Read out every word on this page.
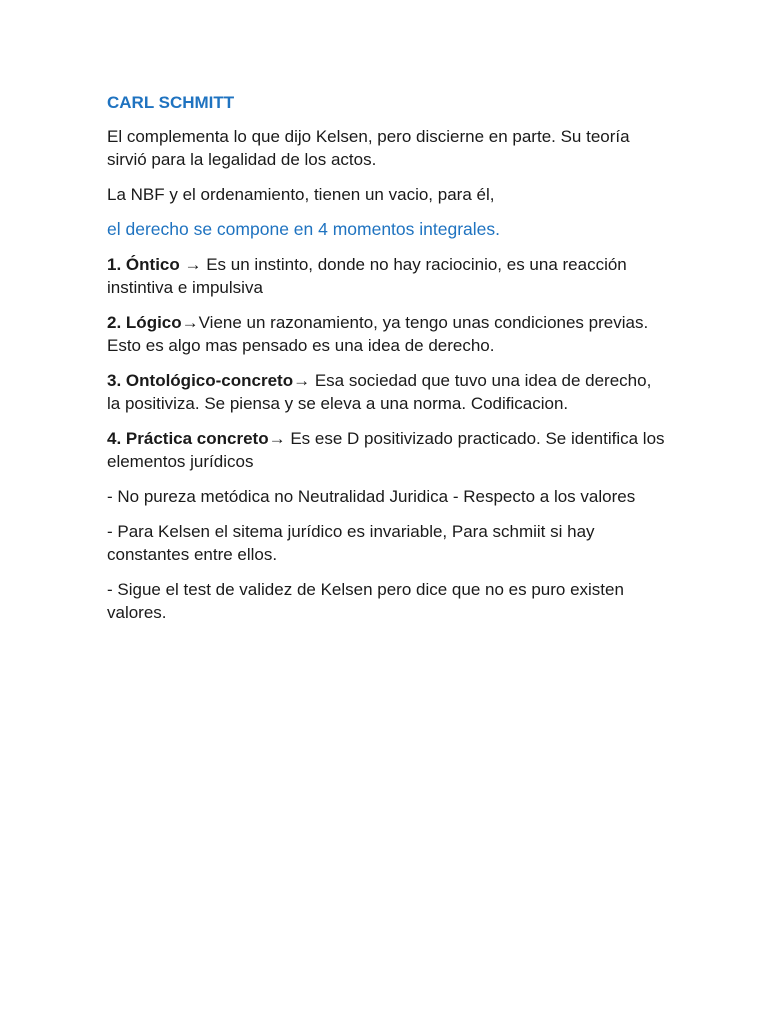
CARL SCHMITT

El complementa lo que dijo Kelsen, pero discierne en parte. Su teoría sirvió para la legalidad de los actos.

La NBF y el ordenamiento, tienen un vacio, para él,

el derecho se compone en 4 momentos integrales.

1. Óntico → Es un instinto, donde no hay raciocinio, es una reacción instintiva e impulsiva

2. Lógico→Viene un razonamiento, ya tengo unas condiciones previas. Esto es algo mas pensado es una idea de derecho.

3. Ontológico-concreto→ Esa sociedad que tuvo una idea de derecho, la positiviza. Se piensa y se eleva a una norma. Codificacion.

4. Práctica concreto→ Es ese D positivizado practicado. Se identifica los elementos jurídicos

- No pureza metódica no Neutralidad Juridica - Respecto a los valores

- Para Kelsen el sitema jurídico es invariable, Para schmiit si hay constantes entre ellos.

- Sigue el test de validez de Kelsen pero dice que no es puro existen valores.
